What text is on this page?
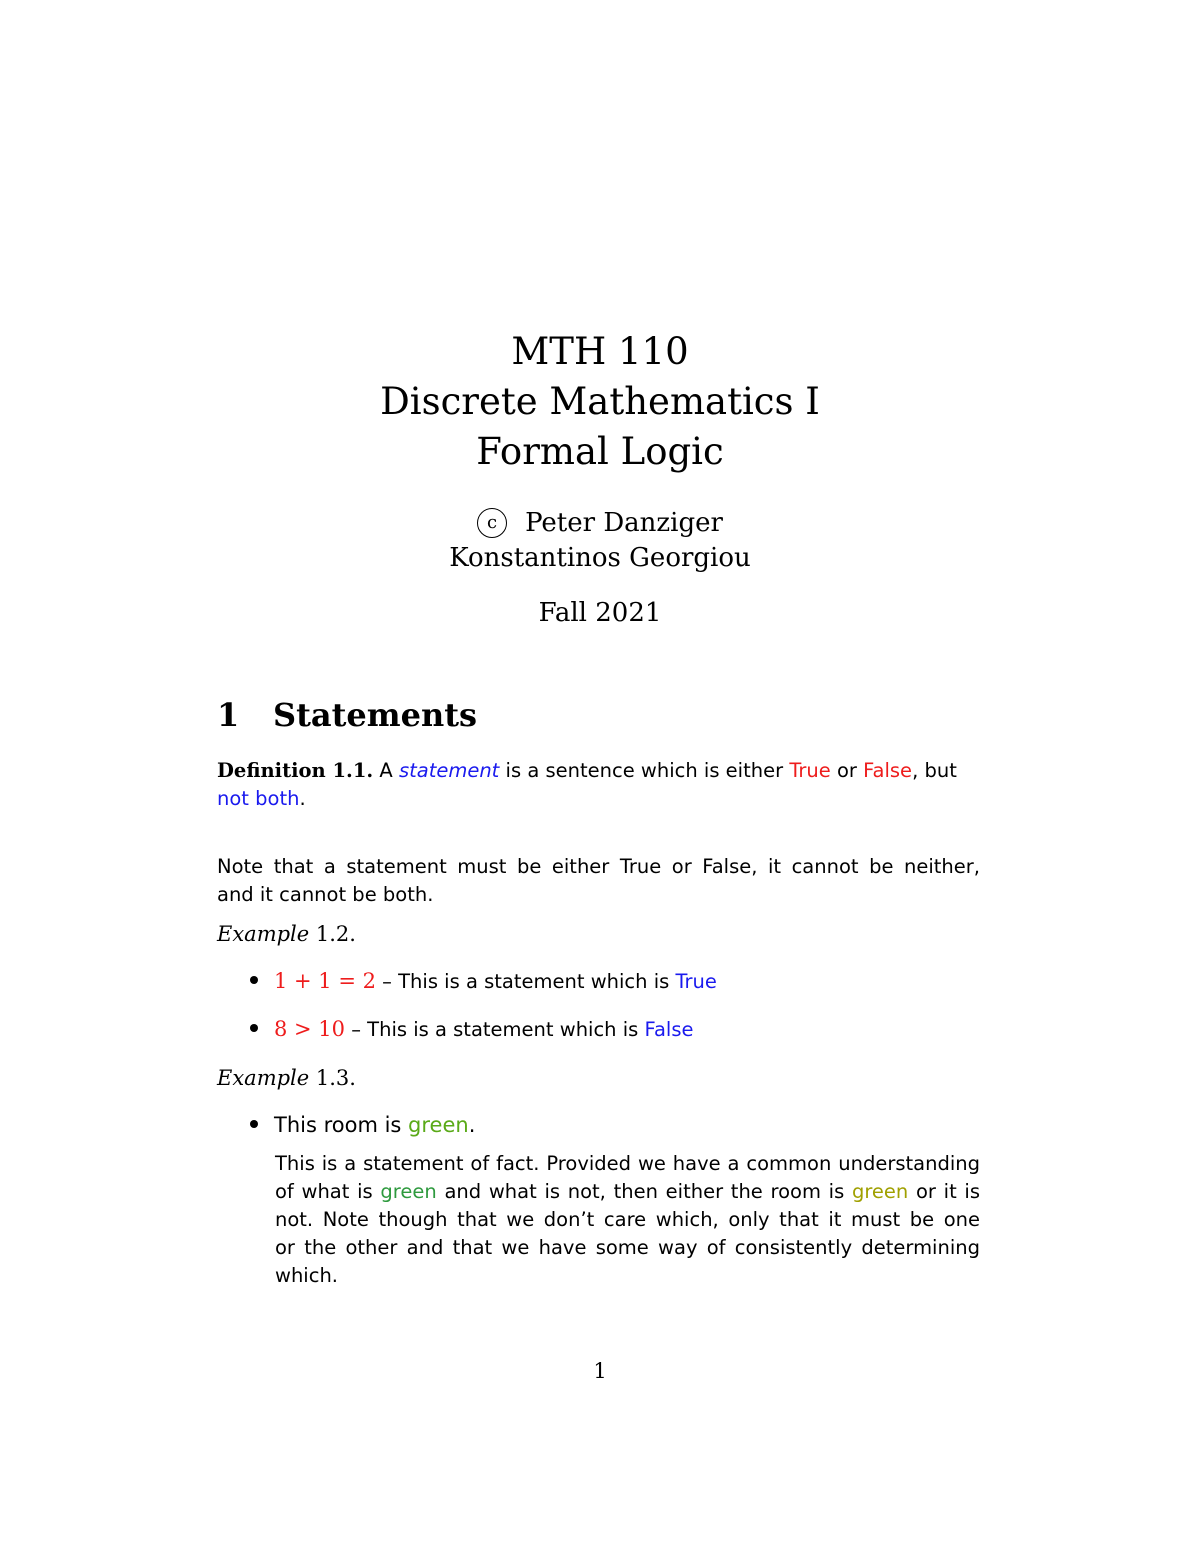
MTH 110
Discrete Mathematics I
Formal Logic
c Peter Danziger
Konstantinos Georgiou
Fall 2021
1 Statements
Definition 1.1. A statement is a sentence which is either True or False, but
not both.
Note that a statement must be either True or False, it cannot be neither,
and it cannot be both.
Example 1.2.
1 + 1 = 2 – This is a statement which is True
8 > 10 – This is a statement which is False
Example 1.3.
This room is green.
This is a statement of fact. Provided we have a common understanding
of what is green and what is not, then either the room is green or it is
not. Note though that we don’t care which, only that it must be one
or the other and that we have some way of consistently determining
which.
1
